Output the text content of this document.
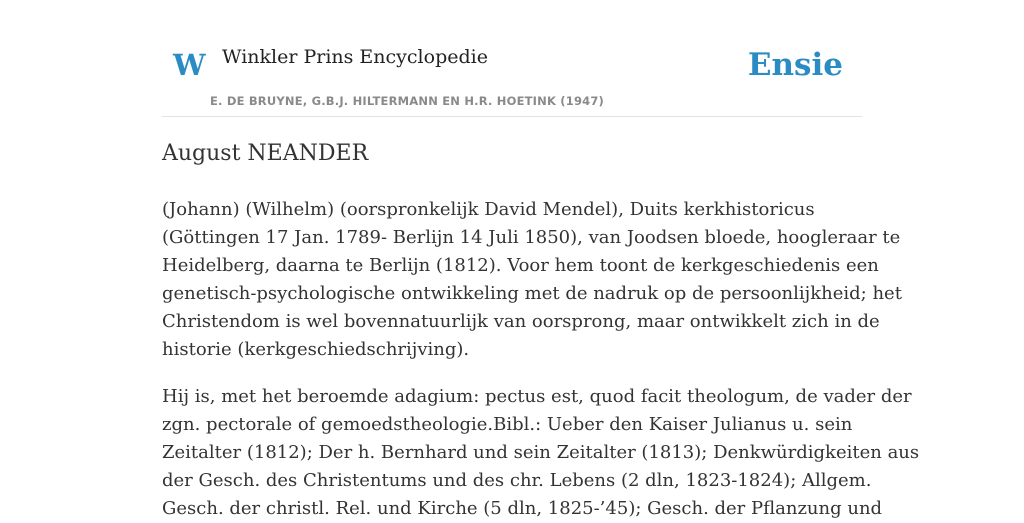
W Winkler Prins Encyclopedie
E. DE BRUYNE, G.B.J. HILTERMANN EN H.R. HOETINK (1947)
Ensie
August NEANDER

(Johann) (Wilhelm) (oorspronkelijk David Mendel), Duits kerkhistoricus

(Göttingen 17 Jan. 1789- Berlijn 14 Juli 1850), van Joodsen bloede, hoogleraar te

Heidelberg, daarna te Berlijn (1812). Voor hem toont de kerkgeschiedenis een

genetisch-psychologische ontwikkeling met de nadruk op de persoonlijkheid; het

Christendom is wel bovennatuurlijk van oorsprong, maar ontwikkelt zich in de

historie (kerkgeschiedschrijving).

Hij is, met het beroemde adagium: pectus est, quod facit theologum, de vader der

zgn. pectorale of gemoedstheologie.Bibl.: Ueber den Kaiser Julianus u. sein

Zeitalter (1812); Der h. Bernhard und sein Zeitalter (1813); Denkwürdigkeiten aus

der Gesch. des Christentums und des chr. Lebens (2 dln, 1823-1824); Allgem.

Gesch. der christl. Rel. und Kirche (5 dln, 1825-’45); Gesch. der Pflanzung und
